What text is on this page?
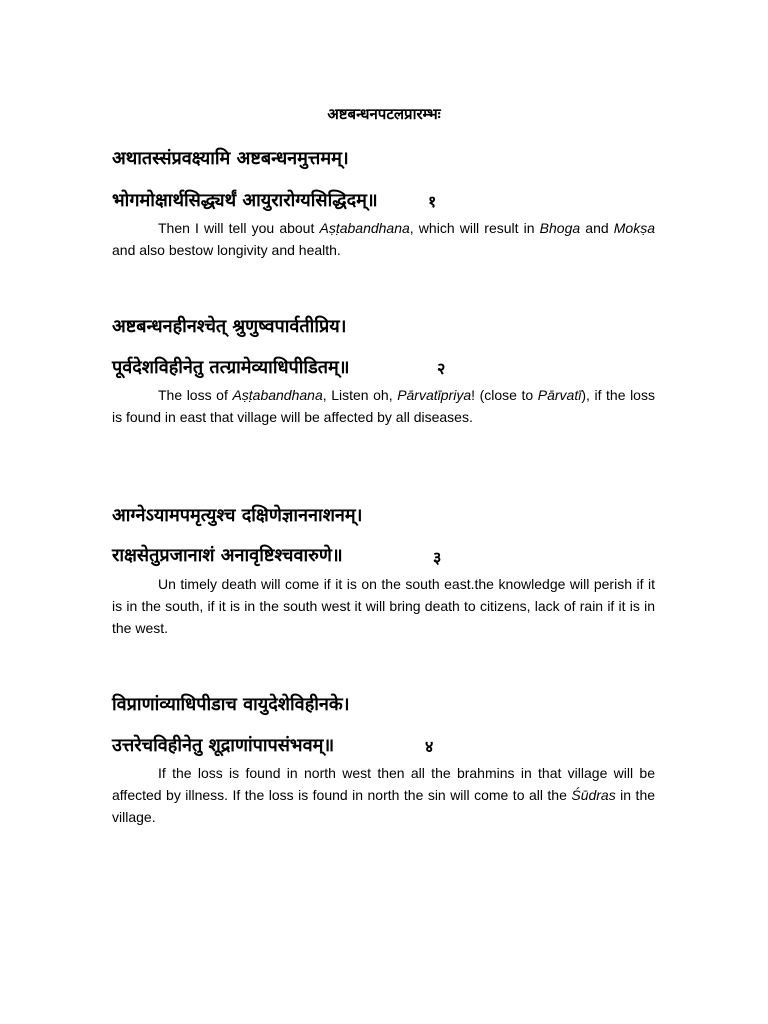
अष्टबन्धनपटलप्रारम्भः
अथातस्संप्रवक्ष्यामि अष्टबन्धनमुत्तमम्।
भोगमोक्षार्थसिद्ध्यर्थं आयुरारोग्यसिद्धिदम्॥	१
Then I will tell you about Aṣṭabandhana, which will result in Bhoga and Mokṣa and also bestow longivity and health.
अष्टबन्धनहीनश्चेत् श्रुणुष्वपार्वतीप्रिय।
पूर्वदेशविहीनेतु तत्ग्रामेव्याधिपीडितम्॥	२
The loss of Aṣṭabandhana, Listen oh, Pārvatīpriya! (close to Pārvatī), if the loss is found in east that village will be affected by all diseases.
आग्नेऽयामपमृत्युश्च दक्षिणेज्ञाननाशनम्।
राक्षसेतुप्रजानाशं अनावृष्टिश्चवारुणे॥	३
Un timely death will come if it is on the south east.the knowledge will perish if it is in the south, if it is in the south west it will bring death to citizens, lack of rain if it is in the west.
विप्राणांव्याधिपीडाच वायुदेशेविहीनके।
उत्तरेचविहीनेतु शूद्राणांपापसंभवम्॥	४
If the loss is found in north west then all the brahmins in that village will be affected by illness. If the loss is found in north the sin will come to all the Śūdras in the village.
